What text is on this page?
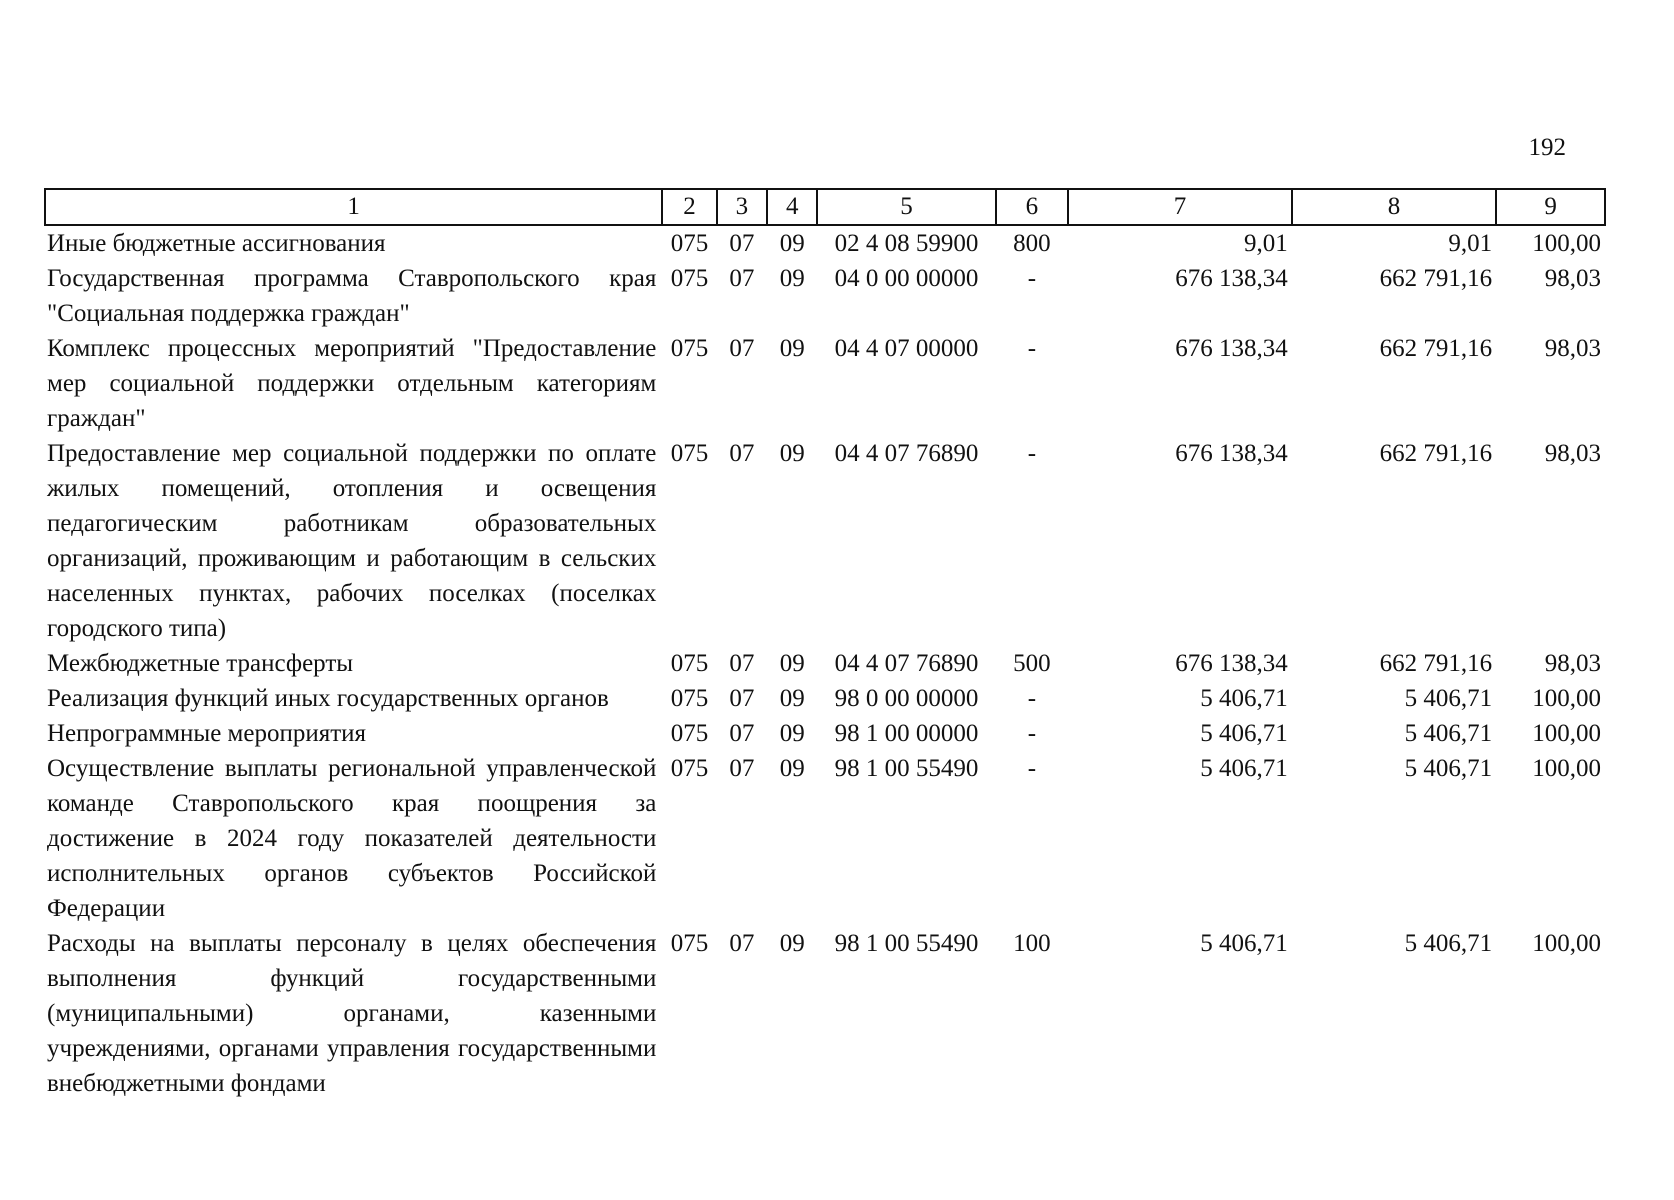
192
1	2	3	4	5	6	7	8	9
Иные бюджетные ассигнования	075	07	09	02 4 08 59900	800	9,01	9,01	100,00
Государственная программа Ставропольского края "Социальная поддержка граждан"	075	07	09	04 0 00 00000	-	676 138,34	662 791,16	98,03
Комплекс процессных мероприятий "Предоставление мер социальной поддержки отдельным категориям граждан"	075	07	09	04 4 07 00000	-	676 138,34	662 791,16	98,03
Предоставление мер социальной поддержки по оплате жилых помещений, отопления и освещения педагогическим работникам образовательных организаций, проживающим и работающим в сельских населенных пунктах, рабочих поселках (поселках городского типа)	075	07	09	04 4 07 76890	-	676 138,34	662 791,16	98,03
Межбюджетные трансферты	075	07	09	04 4 07 76890	500	676 138,34	662 791,16	98,03
Реализация функций иных государственных органов	075	07	09	98 0 00 00000	-	5 406,71	5 406,71	100,00
Непрограммные мероприятия	075	07	09	98 1 00 00000	-	5 406,71	5 406,71	100,00
Осуществление выплаты региональной управленческой команде Ставропольского края поощрения за достижение в 2024 году показателей деятельности исполнительных органов субъектов Российской Федерации	075	07	09	98 1 00 55490	-	5 406,71	5 406,71	100,00
Расходы на выплаты персоналу в целях обеспечения выполнения функций государственными (муниципальными) органами, казенными учреждениями, органами управления государственными внебюджетными фондами	075	07	09	98 1 00 55490	100	5 406,71	5 406,71	100,00
